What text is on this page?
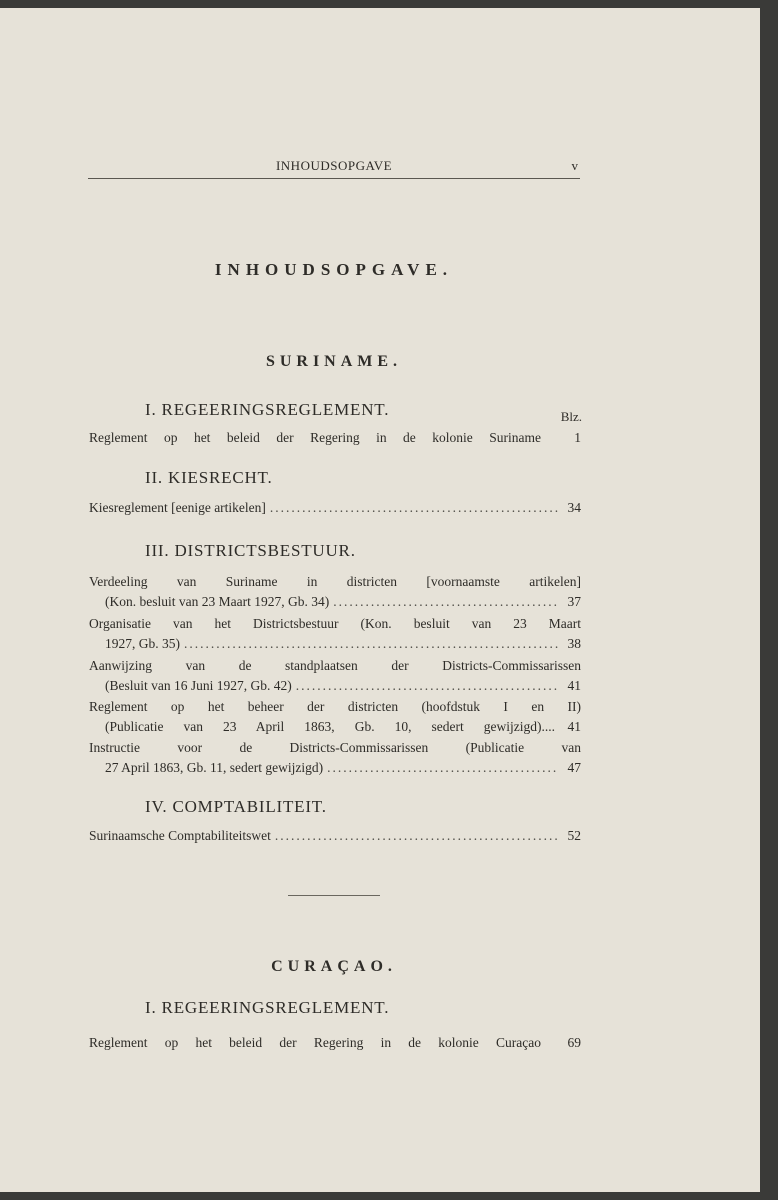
INHOUDSOPGAVE	v
INHOUDSOPGAVE.
SURINAME.
I. REGEERINGSREGLEMENT.	Blz.
Reglement op het beleid der Regering in de kolonie Suriname	1
II. KIESRECHT.
Kiesreglement [eenige artikelen] .....	34
III. DISTRICTSBESTUUR.
Verdeeling van Suriname in districten [voornaamste artikelen]
(Kon. besluit van 23 Maart 1927, Gb. 34) .....	37
Organisatie van het Districtsbestuur (Kon. besluit van 23 Maart
1927, Gb. 35) .....	38
Aanwijzing van de standplaatsen der Districts-Commissarissen
(Besluit van 16 Juni 1927, Gb. 42) .....	41
Reglement op het beheer der districten (hoofdstuk I en II)
(Publicatie van 23 April 1863, Gb. 10, sedert gewijzigd).... 41
Instructie voor de Districts-Commissarissen (Publicatie van
27 April 1863, Gb. 11, sedert gewijzigd) .....	47
IV. COMPTABILITEIT.
Surinaamsche Comptabiliteitswet .....	52
CURAÇAO.
I. REGEERINGSREGLEMENT.
Reglement op het beleid der Regering in de kolonie Curaçao	69
